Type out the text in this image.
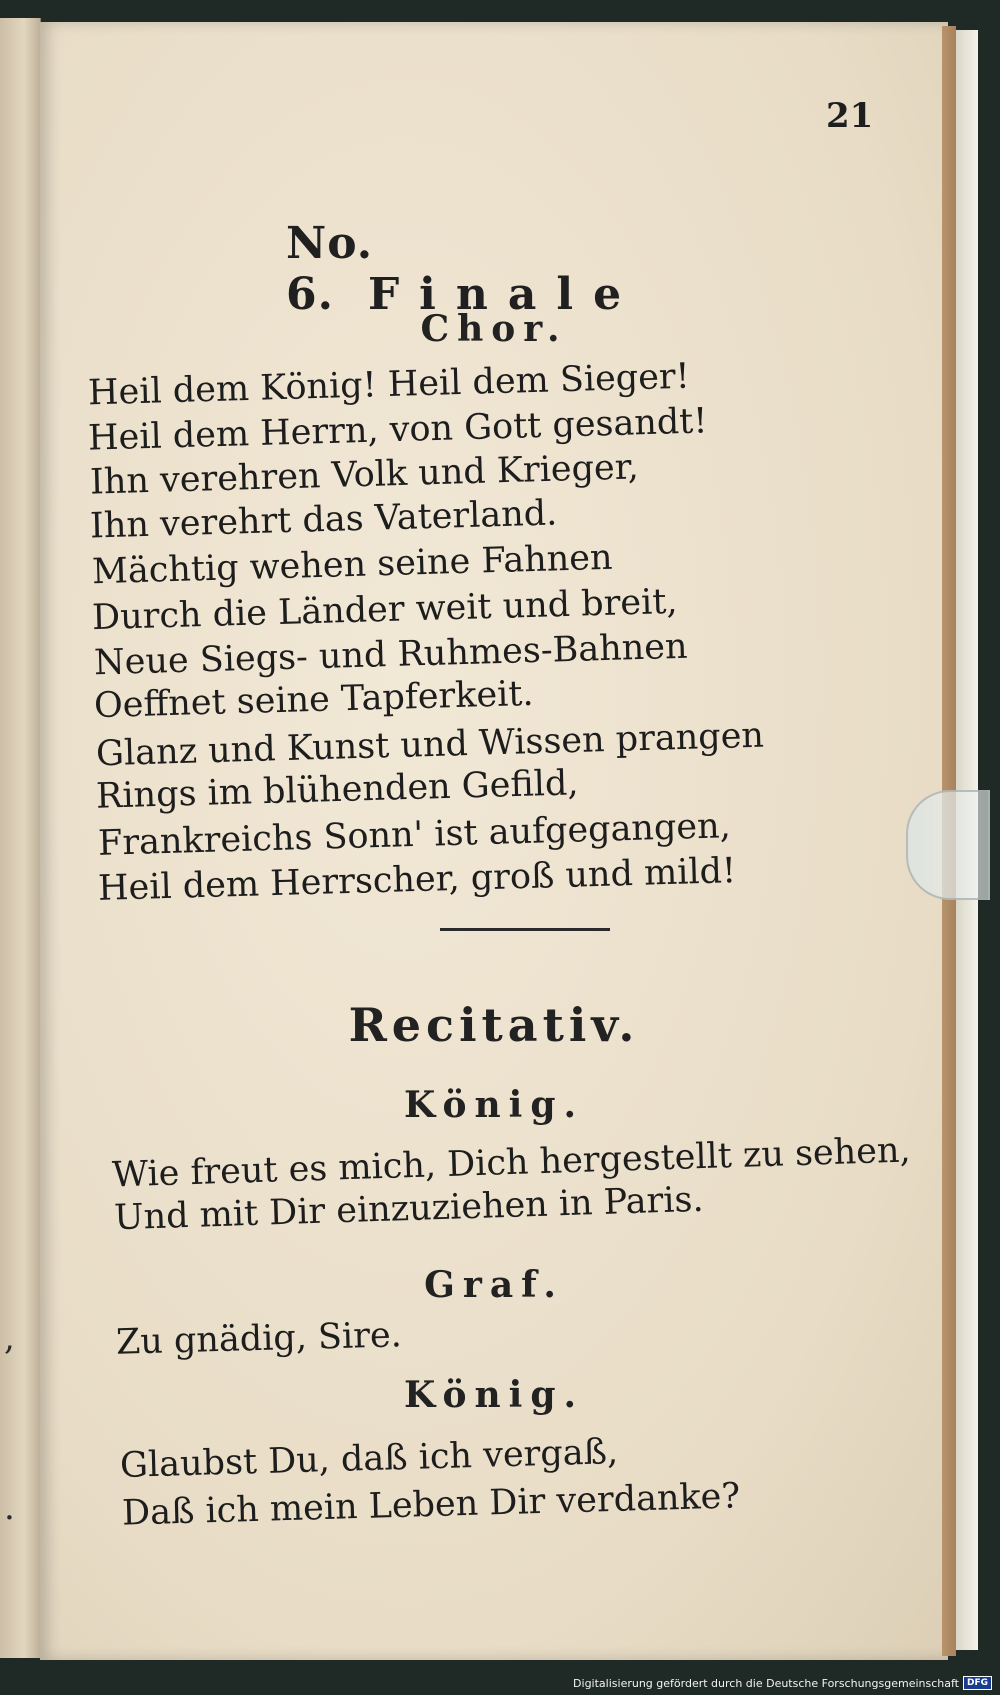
,
.
21
No. 6. Finale
Chor.
Heil dem König! Heil dem Sieger!
Heil dem Herrn, von Gott gesandt!
Ihn verehren Volk und Krieger,
Ihn verehrt das Vaterland.
Mächtig wehen seine Fahnen
Durch die Länder weit und breit,
Neue Siegs- und Ruhmes-Bahnen
Oeffnet seine Tapferkeit.
Glanz und Kunst und Wissen prangen
Rings im blühenden Gefild,
Frankreichs Sonn' ist aufgegangen,
Heil dem Herrscher, groß und mild!
Recitativ.
König.
Wie freut es mich, Dich hergestellt zu sehen,
Und mit Dir einzuziehen in Paris.
Graf.
Zu gnädig, Sire.
König.
Glaubst Du, daß ich vergaß,
Daß ich mein Leben Dir verdanke?
Digitalisierung gefördert durch die Deutsche Forschungsgemeinschaft DFG
